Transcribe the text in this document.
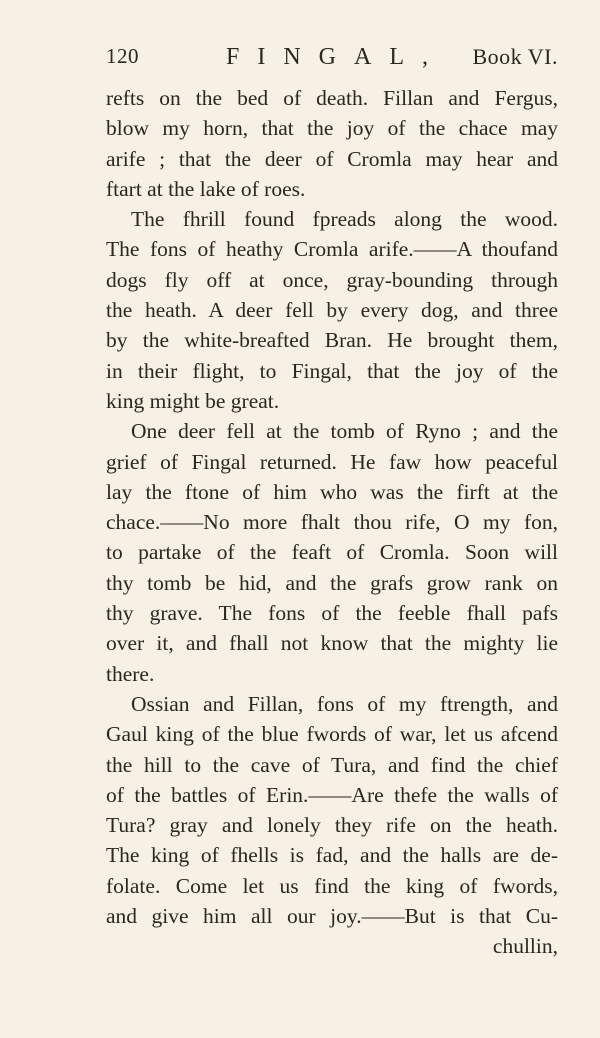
120	FINGAL, Book VI.
refts on the bed of death. Fillan and Fergus,
blow my horn, that the joy of the chace may
arife ; that the deer of Cromla may hear and
ftart at the lake of roes.
The fhrill found fpreads along the wood.
The fons of heathy Cromla arife.——A thoufand
dogs fly off at once, gray-bounding through
the heath. A deer fell by every dog, and three
by the white-breafted Bran. He brought them,
in their flight, to Fingal, that the joy of the
king might be great.
One deer fell at the tomb of Ryno ; and the
grief of Fingal returned. He faw how peaceful
lay the ftone of him who was the firft at the
chace.——No more fhalt thou rife, O my fon,
to partake of the feaft of Cromla. Soon will
thy tomb be hid, and the grafs grow rank on
thy grave. The fons of the feeble fhall pafs
over it, and fhall not know that the mighty lie
there.
Ossian and Fillan, fons of my ftrength, and
Gaul king of the blue fwords of war, let us afcend
the hill to the cave of Tura, and find the chief
of the battles of Erin.——Are thefe the walls of
Tura? gray and lonely they rife on the heath.
The king of fhells is fad, and the halls are de-
folate. Come let us find the king of fwords,
and give him all our joy.——But is that Cu-
chullin,
